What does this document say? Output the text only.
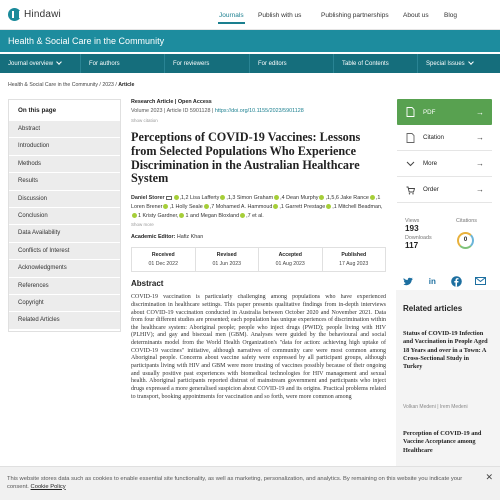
Hindawi	Journals Publish with us	Publishing partnerships About us Blog
Health & Social Care in the Community
Journal overview	For authors	For reviewers	For editors	Table of Contents	Special Issues
Health & Social Care in the Community / 2023 / Article
On this page
Abstract
Introduction
Methods
Results
Discussion
Conclusion
Data Availability
Conflicts of Interest
Acknowledgments
References
Copyright
Related Articles
Research Article | Open Access
Volume 2023 | Article ID 5901128 | https://doi.org/10.1155/2023/5901128
Show citation
Perceptions of COVID-19 Vaccines: Lessons from Selected Populations Who Experience Discrimination in the Australian Healthcare System
Daniel Storer	,1,2 Lisa Lafferty ,1,3 Simon Graham ,4 Dean Murphy ,1,5,6 Jake Rance ,1 Loren Brener ,1 Holly Seale ,7 Mohamed A. Hammoud ,1 Garrett Prestage ,1 Mitchell Beadman,1 Kristy Gardner, 1 and Megan Bloxland ,7 et al.
Show more
Academic Editor: Hafiz Khan
Received
01 Dec 2022
Revised
01 Jun 2023
Accepted
01 Aug 2023
Published
17 Aug 2023
Abstract

COVID-19 vaccination is particularly challenging among populations who have experienced discrimination in healthcare settings. This paper presents qualitative findings from in-depth interviews about COVID-19 vaccination conducted in Australia between October 2020 and November 2021. Data from four different studies are presented; each population has unique experiences of discrimination within the healthcare system: Aboriginal people; people who inject drugs (PWID); people living with HIV (PLHIV); and gay and bisexual men (GBM). Analyses were guided by the behavioural and social determinants model from the World Health Organization's "data for action: achieving high uptake of COVID-19 vaccines" initiative, although narratives of community care were most common among Aboriginal people. Concerns about vaccine safety were expressed by all participant groups, although participants living with HIV and GBM were more trusting of vaccines possibly because of their ongoing and usually positive past experiences with biomedical technologies for HIV management and sexual health. Aboriginal participants reported distrust of mainstream government and participants who inject drugs expressed a more generalised suspicion about COVID-19 and its origins. Practical problems related to transport, booking appointments for vaccination and so forth, were more common among

PDF	→
Citation	→
More	→
Order	→
Views
193
Downloads
117
Citations
0
in
Related articles
Status of COVID-19 Infection and Vaccination in People Aged 18 Years and over in a Town: A Cross-Sectional Study in Turkey
Volkan Medeni | Irem Medeni
Perception of COVID-19 and Vaccine Acceptance among Healthcare
This website stores data such as cookies to enable essential site functionality, as well as marketing, personalization, and analytics. By remaining on this website you indicate your consent. Cookie Policy
✕
